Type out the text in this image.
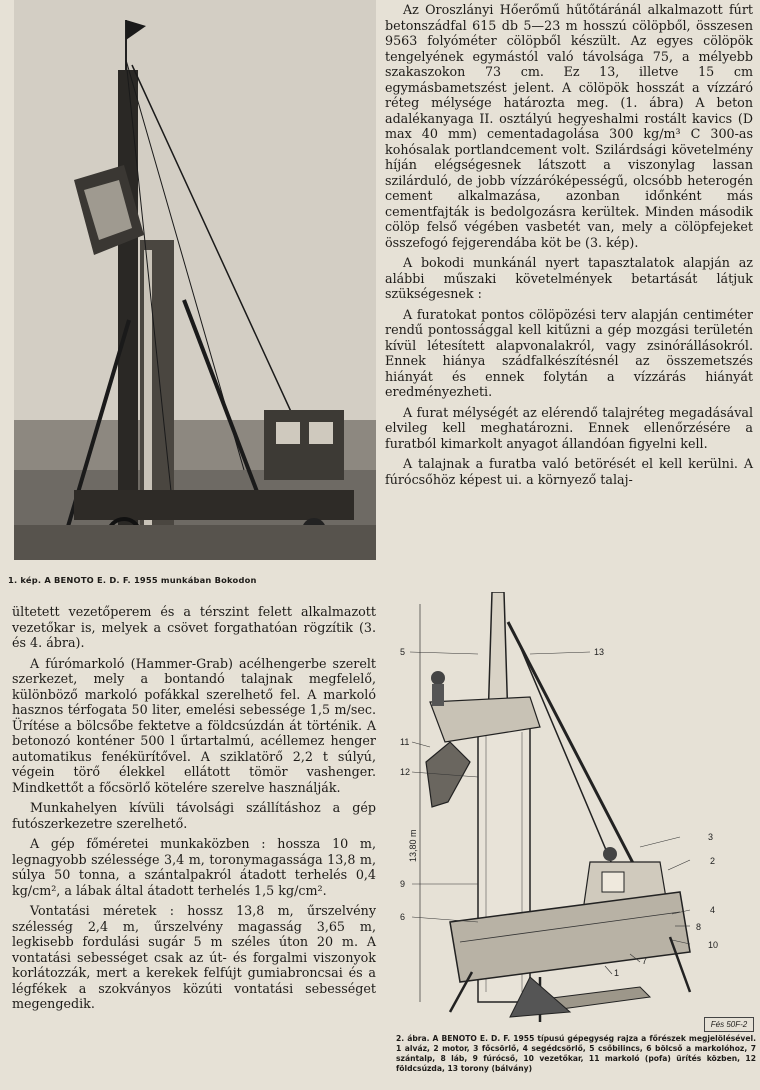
1. kép. A BENOTO E. D. F. 1955 munkában Bokodon

Az Oroszlányi Hőerőmű hűtőtáránál alkalmazott fúrt betonszádfal 615 db 5—23 m hosszú cölöpből, összesen 9563 folyóméter cölöpből készült. Az egyes cölöpök tengelyének egymástól való távolsága 75, a mélyebb szakaszokon 73 cm. Ez 13, illetve 15 cm egymásbametszést jelent. A cölöpök hosszát a vízzáró réteg mélysége határozta meg. (1. ábra) A beton adalékanyaga II. osztályú hegyeshalmi rostált kavics (D max 40 mm) cementadagolása 300 kg/m³ C 300-as kohósalak portlandcement volt. Szilárdsági követelmény híján elégségesnek látszott a viszonylag lassan szilárduló, de jobb vízzáróképességű, olcsóbb heterogén cement alkalmazása, azonban időnként más cementfajták is bedolgozásra kerültek. Minden második cölöp felső végében vasbetét van, mely a cölöpfejeket összefogó fejgerendába köt be (3. kép).

A bokodi munkánál nyert tapasztalatok alapján az alábbi műszaki követelmények betartását látjuk szükségesnek :

A furatokat pontos cölöpözési terv alapján centiméter rendű pontossággal kell kitűzni a gép mozgási területén kívül létesített alapvonalakról, vagy zsinórállásokról. Ennek hiánya szádfalkészítésnél az összemetszés hiányát és ennek folytán a vízzárás hiányát eredményezheti.

A furat mélységét az elérendő talajréteg megadásával elvileg kell meghatározni. Ennek ellenőrzésére a furatból kimarkolt anyagot állandóan figyelni kell.

A talajnak a furatba való betörését el kell kerülni. A fúrócsőhöz képest ui. a környező talaj-

ültetett vezetőperem és a térszint felett alkalmazott vezetőkar is, melyek a csövet forgathatóan rögzítik (3. és 4. ábra).

A fúrómarkoló (Hammer-Grab) acélhengerbe szerelt szerkezet, mely a bontandó talajnak megfelelő, különböző markoló pofákkal szerelhető fel. A markoló hasznos térfogata 50 liter, emelési sebessége 1,5 m/sec. Ürítése a bölcsőbe fektetve a földcsúzdán át történik. A betonozó konténer 500 l űrtartalmú, acéllemez henger automatikus fenékürítővel. A sziklatörő 2,2 t súlyú, végein törő élekkel ellátott tömör vashenger. Mindkettőt a főcsörlő kötelére szerelve használják.

Munkahelyen kívüli távolsági szállításhoz a gép futószerkezetre szerelhető.

A gép főméretei munkaközben : hossza 10 m, legnagyobb szélessége 3,4 m, toronymagassága 13,8 m, súlya 50 tonna, a szántalpakról átadott terhelés 0,4 kg/cm², a lábak által átadott terhelés 1,5 kg/cm².

Vontatási méretek : hossz 13,8 m, űrszelvény szélesség 2,4 m, űrszelvény magasság 3,65 m, legkisebb fordulási sugár 5 m széles úton 20 m. A vontatási sebességet csak az út- és forgalmi viszonyok korlátozzák, mert a kerekek felfújt gumiabroncsai és a légfékek a szokványos közúti vontatási sebességet megengedik.

5	13
11
12
3
9
2
6
4
7
1
10
8
13,80 m
Fés 50F-2
2. ábra. A BENOTO E. D. F. 1955 típusú gépegység rajza a főrészek megjelölésével. 1 alváz, 2 motor, 3 főcsörlő, 4 segédcsörlő, 5 csőbilincs, 6 bölcső a markolóhoz, 7 szántalp, 8 láb, 9 fúrócső, 10 vezetőkar, 11 markoló (pofa) ürítés közben, 12 földcsúzda, 13 torony (bálvány)
